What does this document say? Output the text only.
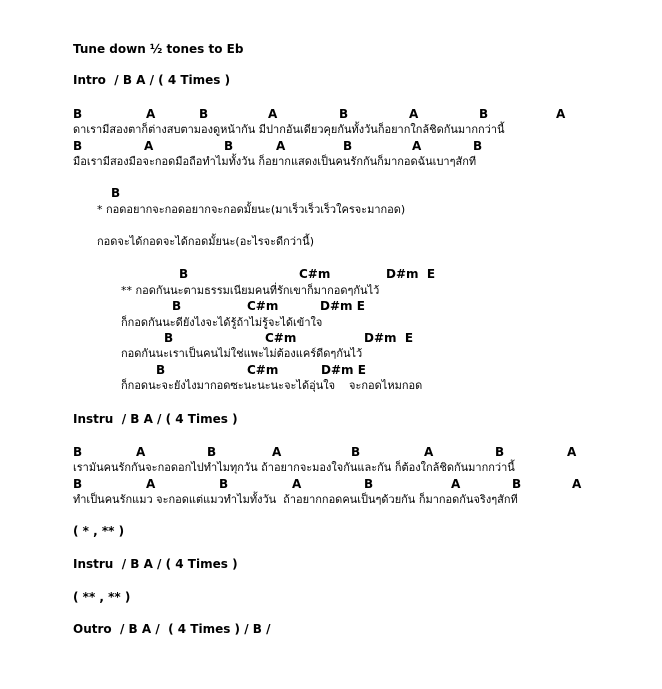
Tune down ½ tones to Eb
Intro  / B A / ( 4 Times )
B	A	B	A	B	A	B	A
ดาเรามีสองตาก็ต่างสบตามองดูหน้ากัน มีปากอันเดียวคุยกันทั้งวันก็อยากใกล้ชิดกันมากกว่านี้
B	A	B	A	B	A	B
มือเรามีสองมือจะกอดมือถือทำไมทั้งวัน ก็อยากแสดงเป็นคนรักกันก็มากอดฉันเบาๆสักที
B
* กอดอยากจะกอดอยากจะกอดมั้ยนะ(มาเร็วเร็วเร็วใครจะมากอด)
กอดจะได้กอดจะได้กอดมั้ยนะ(อะไรจะดีกว่านี้)
B	C#m	D#m  E
** กอดกันนะตามธรรมเนียมคนที่รักเขาก็มากอดๆกันไว้
B	C#m	D#m E
ก็กอดกันนะดียังไงจะได้รู้ถ้าไม่รู้จะได้เข้าใจ
B	C#m	D#m  E
กอดกันนะเราเป็นคนไม่ใช่แพะไม่ต้องแคร์ดีดๆกันไว้
B	C#m	D#m E
ก็กอดนะจะยังไงมากอดซะนะนะนะจะได้อุ่นใจ    จะกอดไหมกอด
Instru  / B A / ( 4 Times )
B	A	B	A	B	A	B	A
เรามันคนรักกันจะกอดอกไปทำไมทุกวัน ถ้าอยากจะมองใจกันและกัน ก็ต้องใกล้ชิดกันมากกว่านี้
B	A	B	A	B	A	B	A
ทำเป็นคนรักแมว จะกอดแต่แมวทำไมทั้งวัน  ถ้าอยากกอดคนเป็นๆด้วยกัน ก็มากอดกันจริงๆสักที
( * , ** )
Instru  / B A / ( 4 Times )
( ** , ** )
Outro  / B A /  ( 4 Times ) / B /
